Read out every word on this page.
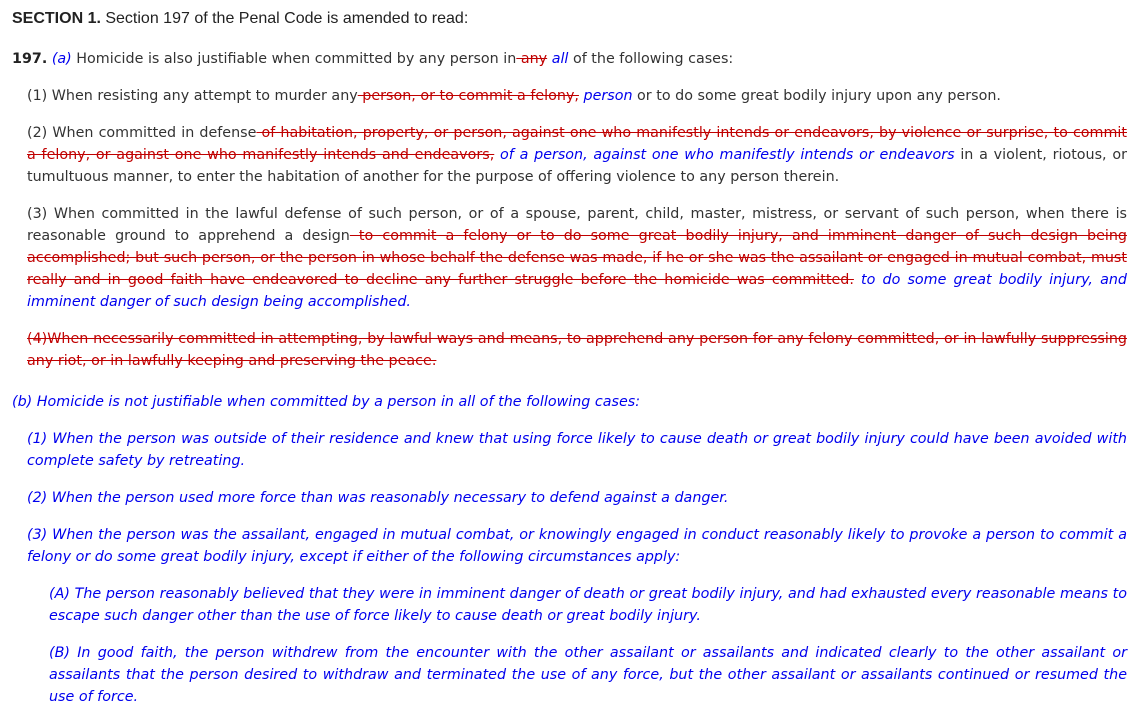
SECTION 1. Section 197 of the Penal Code is amended to read:

197. (a) Homicide is also justifiable when committed by any person in any all of the following cases:

(1) When resisting any attempt to murder any person, or to commit a felony, person or to do some great bodily injury upon any person.

(2) When committed in defense of habitation, property, or person, against one who manifestly intends or endeavors, by violence or surprise, to commit a felony, or against one who manifestly intends and endeavors, of a person, against one who manifestly intends or endeavors in a violent, riotous, or tumultuous manner, to enter the habitation of another for the purpose of offering violence to any person therein.

(3) When committed in the lawful defense of such person, or of a spouse, parent, child, master, mistress, or servant of such person, when there is reasonable ground to apprehend a design to commit a felony or to do some great bodily injury, and imminent danger of such design being accomplished; but such person, or the person in whose behalf the defense was made, if he or she was the assailant or engaged in mutual combat, must really and in good faith have endeavored to decline any further struggle before the homicide was committed. to do some great bodily injury, and imminent danger of such design being accomplished.

(4)When necessarily committed in attempting, by lawful ways and means, to apprehend any person for any felony committed, or in lawfully suppressing any riot, or in lawfully keeping and preserving the peace.

(b) Homicide is not justifiable when committed by a person in all of the following cases:

(1) When the person was outside of their residence and knew that using force likely to cause death or great bodily injury could have been avoided with complete safety by retreating.

(2) When the person used more force than was reasonably necessary to defend against a danger.

(3) When the person was the assailant, engaged in mutual combat, or knowingly engaged in conduct reasonably likely to provoke a person to commit a felony or do some great bodily injury, except if either of the following circumstances apply:

(A) The person reasonably believed that they were in imminent danger of death or great bodily injury, and had exhausted every reasonable means to escape such danger other than the use of force likely to cause death or great bodily injury.

(B) In good faith, the person withdrew from the encounter with the other assailant or assailants and indicated clearly to the other assailant or assailants that the person desired to withdraw and terminated the use of any force, but the other assailant or assailants continued or resumed the use of force.
